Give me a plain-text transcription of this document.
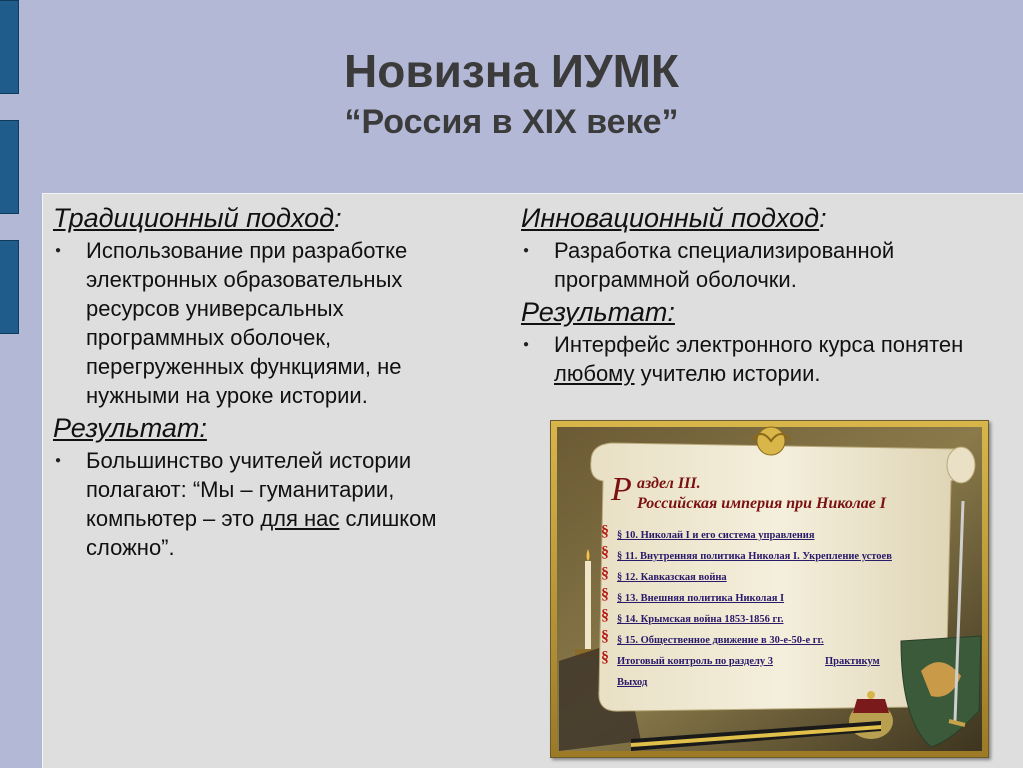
Новизна ИУМК
“Россия в XIX веке”
Традиционный подход:
● Использование при разработке электронных образовательных ресурсов универсальных программных оболочек, перегруженных функциями, не нужными на уроке истории.
Результат:
● Большинство учителей истории полагают: “Мы – гуманитарии, компьютер – это для нас слишком сложно”.
Инновационный подход:
● Разработка специализированной программной оболочки.
Результат:
● Интерфейс электронного курса понятен любому учителю истории.
Р аздел III.
Российская империя при Николае I
§ § 10. Николай I и его система управления
§ § 11. Внутренняя политика Николая I. Укрепление устоев
§ § 12. Кавказская война
§ § 13. Внешняя политика Николая I
§ § 14. Крымская война 1853-1856 гг.
§ § 15. Общественное движение в 30-е-50-е гг.
§ Итоговый контроль по разделу 3	Практикум
Выход
